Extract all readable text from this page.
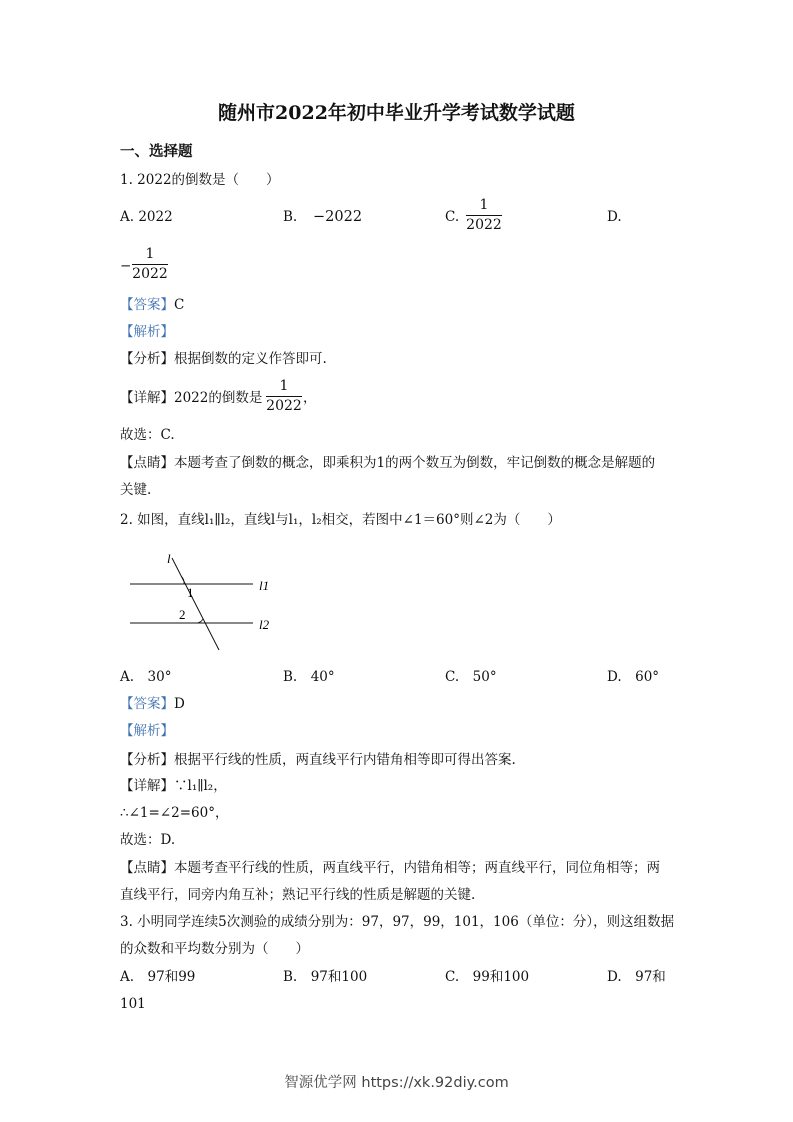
随州市2022年初中毕业升学考试数学试题
一、选择题
1. 2022的倒数是（　　）
A. 2022	B. −2022	C.
1
2022	D.
−
1
2022
【答案】C
【解析】
【分析】根据倒数的定义作答即可.
【详解】2022的倒数是
1
2022 ，
故选：C.
【点睛】本题考查了倒数的概念，即乘积为1的两个数互为倒数，牢记倒数的概念是解题的
关键.
2. 如图，直线l₁∥l₂，直线l与l₁，l₂相交，若图中∠1＝60°则∠2为（　　）
l
1
2
l1
l2
A.　30°	B.　40°	C.　50°	D.　60°
【答案】D
【解析】
【分析】根据平行线的性质，两直线平行内错角相等即可得出答案.
【详解】∵l₁∥l₂，
∴∠1=∠2=60°，
故选：D.
【点睛】本题考查平行线的性质，两直线平行，内错角相等；两直线平行，同位角相等；两
直线平行，同旁内角互补；熟记平行线的性质是解题的关键.
3. 小明同学连续5次测验的成绩分别为：97，97，99，101，106（单位：分），则这组数据
的众数和平均数分别为（　　）
A.　97和99	B.　97和100	C.　99和100	D.　97和
101
智源优学网 https://xk.92diy.com
